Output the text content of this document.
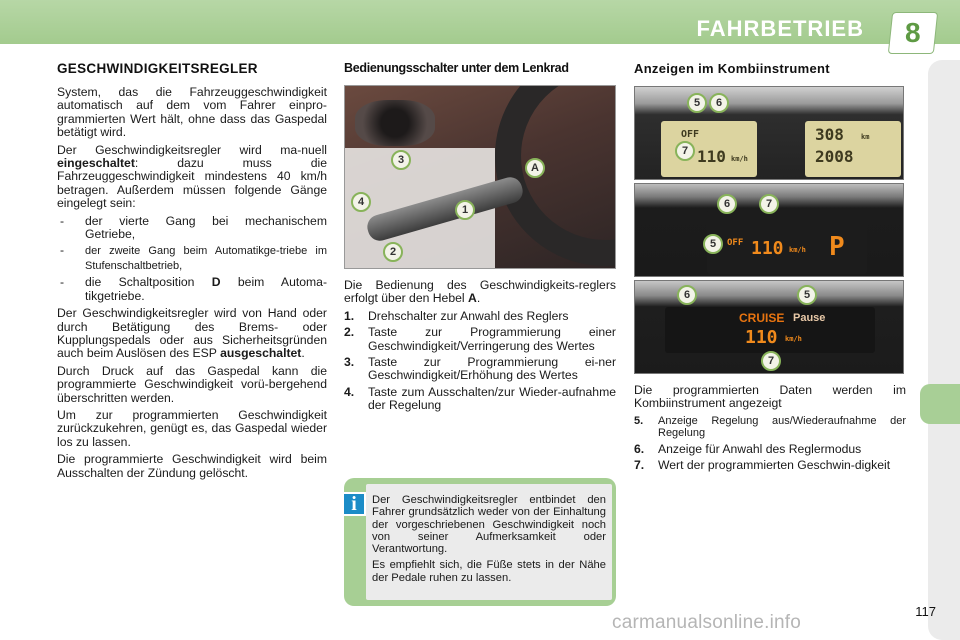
FAHRBETRIEB 8
GESCHWINDIGKEITSREGLER

System, das die Fahrzeuggeschwindigkeit automatisch auf dem vom Fahrer einpro-grammierten Wert hält, ohne dass das Gaspedal betätigt wird.

Der Geschwindigkeitsregler wird ma-nuell eingeschaltet: dazu muss die Fahrzeuggeschwindigkeit mindestens 40 km/h betragen. Außerdem müssen folgende Gänge eingelegt sein:

- der vierte Gang bei mechanischem Getriebe,
- der zweite Gang beim Automatikge-triebe im Stufenschaltbetrieb,
- die Schaltposition D beim Automa-tikgetriebe.

Der Geschwindigkeitsregler wird von Hand oder durch Betätigung des Brems- oder Kupplungspedals oder aus Sicherheitsgründen auch beim Auslösen des ESP ausgeschaltet.

Durch Druck auf das Gaspedal kann die programmierte Geschwindigkeit vorü-bergehend überschritten werden.

Um zur programmierten Geschwindigkeit zurückzukehren, genügt es, das Gaspedal wieder los zu lassen.

Die programmierte Geschwindigkeit wird beim Ausschalten der Zündung gelöscht.

Bedienungsschalter unter dem Lenkrad
3
A
4
1
2

Die Bedienung des Geschwindigkeits-reglers erfolgt über den Hebel A.

1. Drehschalter zur Anwahl des Reglers
2. Taste zur Programmierung einer Geschwindigkeit/Verringerung des Wertes
3. Taste zur Programmierung ei-ner Geschwindigkeit/Erhöhung des Wertes
4. Taste zum Ausschalten/zur Wieder-aufnahme der Regelung

Der Geschwindigkeitsregler entbindet den Fahrer grundsätzlich weder von der Einhaltung der vorgeschriebenen Geschwindigkeit noch von seiner Aufmerksamkeit oder Verantwortung.

Es empfiehlt sich, die Füße stets in der Nähe der Pedale ruhen zu lassen.

i
Anzeigen im Kombiinstrument
OFF
110 km/h
308 km
2008
5	6
7
OFF 110 km/h P
6	7
5
CRUISE Pause
110 km/h
6	5
7

Die programmierten Daten werden im Kombiinstrument angezeigt

5. Anzeige Regelung aus/Wiederaufnahme der Regelung
6. Anzeige für Anwahl des Reglermodus
7. Wert der programmierten Geschwin-digkeit
117
carmanualsonline.info
